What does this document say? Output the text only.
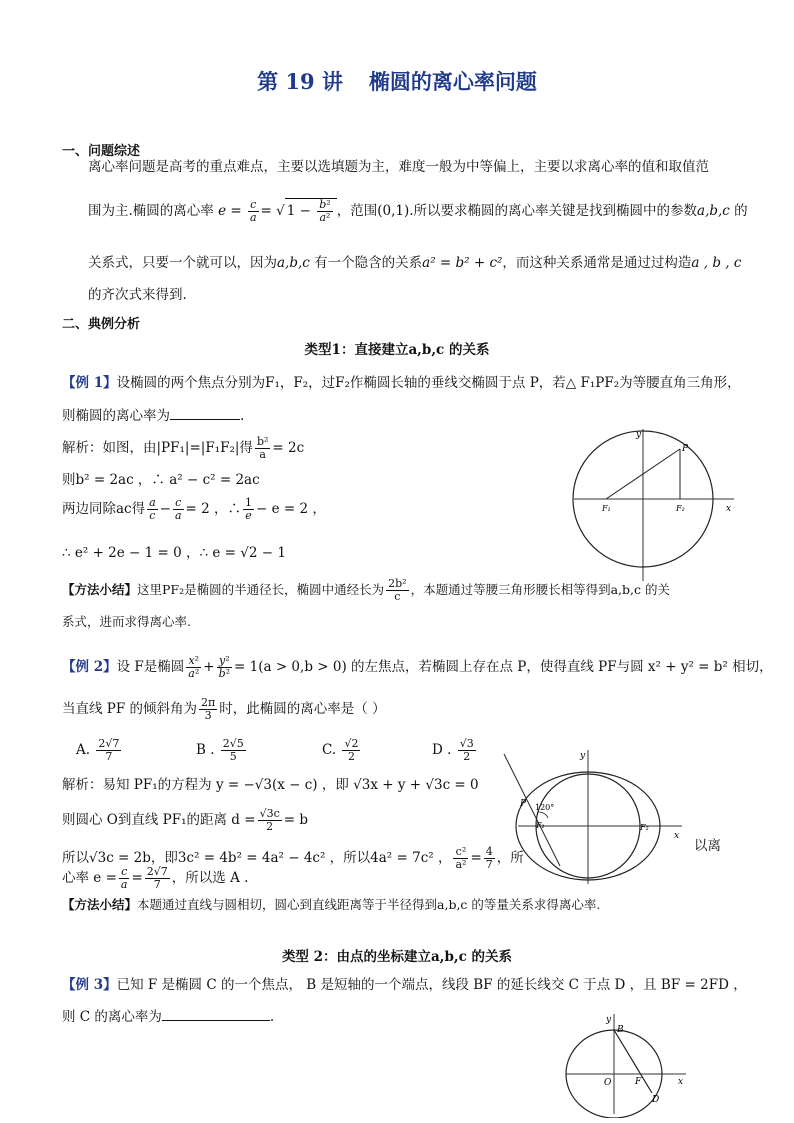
第 19 讲 椭圆的离心率问题
一、问题综述
离心率问题是高考的重点难点，主要以选填题为主，难度一般为中等偏上，主要以求离心率的值和取值范
围为主.椭圆的离心率 $e = \frac{c}{a}$ = √ $1 - \frac{\text{b²}}{\text{a²}}$ ，范围(0,1).所以要求椭圆的离心率关键是找到椭圆中的参数a,b,c 的
关系式，只要一个就可以，因为a,b,c 有一个隐含的关系a² = b² + c²，而这种关系通常是通过过构造a , b , c
的齐次式来得到.
二、典例分析
类型1：直接建立a,b,c 的关系
【例 1】设椭圆的两个焦点分别为F₁，F₂，过F₂作椭圆长轴的垂线交椭圆于点 P，若△ F₁PF₂为等腰直角三角形，
则椭圆的离心率为	.
解析：如图，由|PF₁|=|F₁F₂|得 $\frac{\text{b²}}{a} = 2c$
则b² = 2ac ，∴ a² − c² = 2ac
两边同除ac得 $\frac{a}{c} - \frac{c}{a} = 2$ ，∴ $\frac{1}{e} - e = 2$ ，
∴ e² + 2e − 1 = 0 ，∴ e = √2 − 1
x
y
P
F₁	F₂
【方法小结】这里PF₂是椭圆的半通径长，椭圆中通经长为 $\frac{\text{2b²}}{c}$ ，本题通过等腰三角形腰长相等得到a,b,c 的关
系式，进而求得离心率.
【例 2】设 F是椭圆 $\frac{\text{x²}}{\text{a²}} + \frac{\text{y²}}{\text{b²}} = 1(a > 0,b > 0)$ 的左焦点，若椭圆上存在点 P，使得直线 PF与圆 x² + y² = b² 相切，
当直线 PF 的倾斜角为 $\frac{2\pi}{3}$ 时，此椭圆的离心率是（ ）
A. $\frac{2√7}{7}$	B . $\frac{2√5}{5}$	C. $\frac{√2}{2}$	D . $\frac{√3}{2}$
解析：易知 PF₁的方程为 y = −√3(x − c) ，即 √3x + y + √3c = 0
则圆心 O到直线 PF₁的距离 $d = \frac{√3c}{2} = b$
所以√3c = 2b，即3c² = 4b² = 4a² − 4c² ，所以4a² = 7c² ， $\frac{\text{c²}}{\text{a²}} = \frac{4}{7}$ ，所
以离
心率 $e = \frac{c}{a} = \frac{2√7}{7}$ ，所以选 A .
【方法小结】本题通过直线与圆相切，圆心到直线距离等于半径得到a,b,c 的等量关系求得离心率.
P 120°
F₁	F₂
x
y
类型 2：由点的坐标建立a,b,c 的关系
【例 3】已知 F 是椭圆 C 的一个焦点， B 是短轴的一个端点，线段 BF 的延长线交 C 于点 D ，且 BF = 2FD ，
则 C 的离心率为	.	y
B
O	F
D
x
